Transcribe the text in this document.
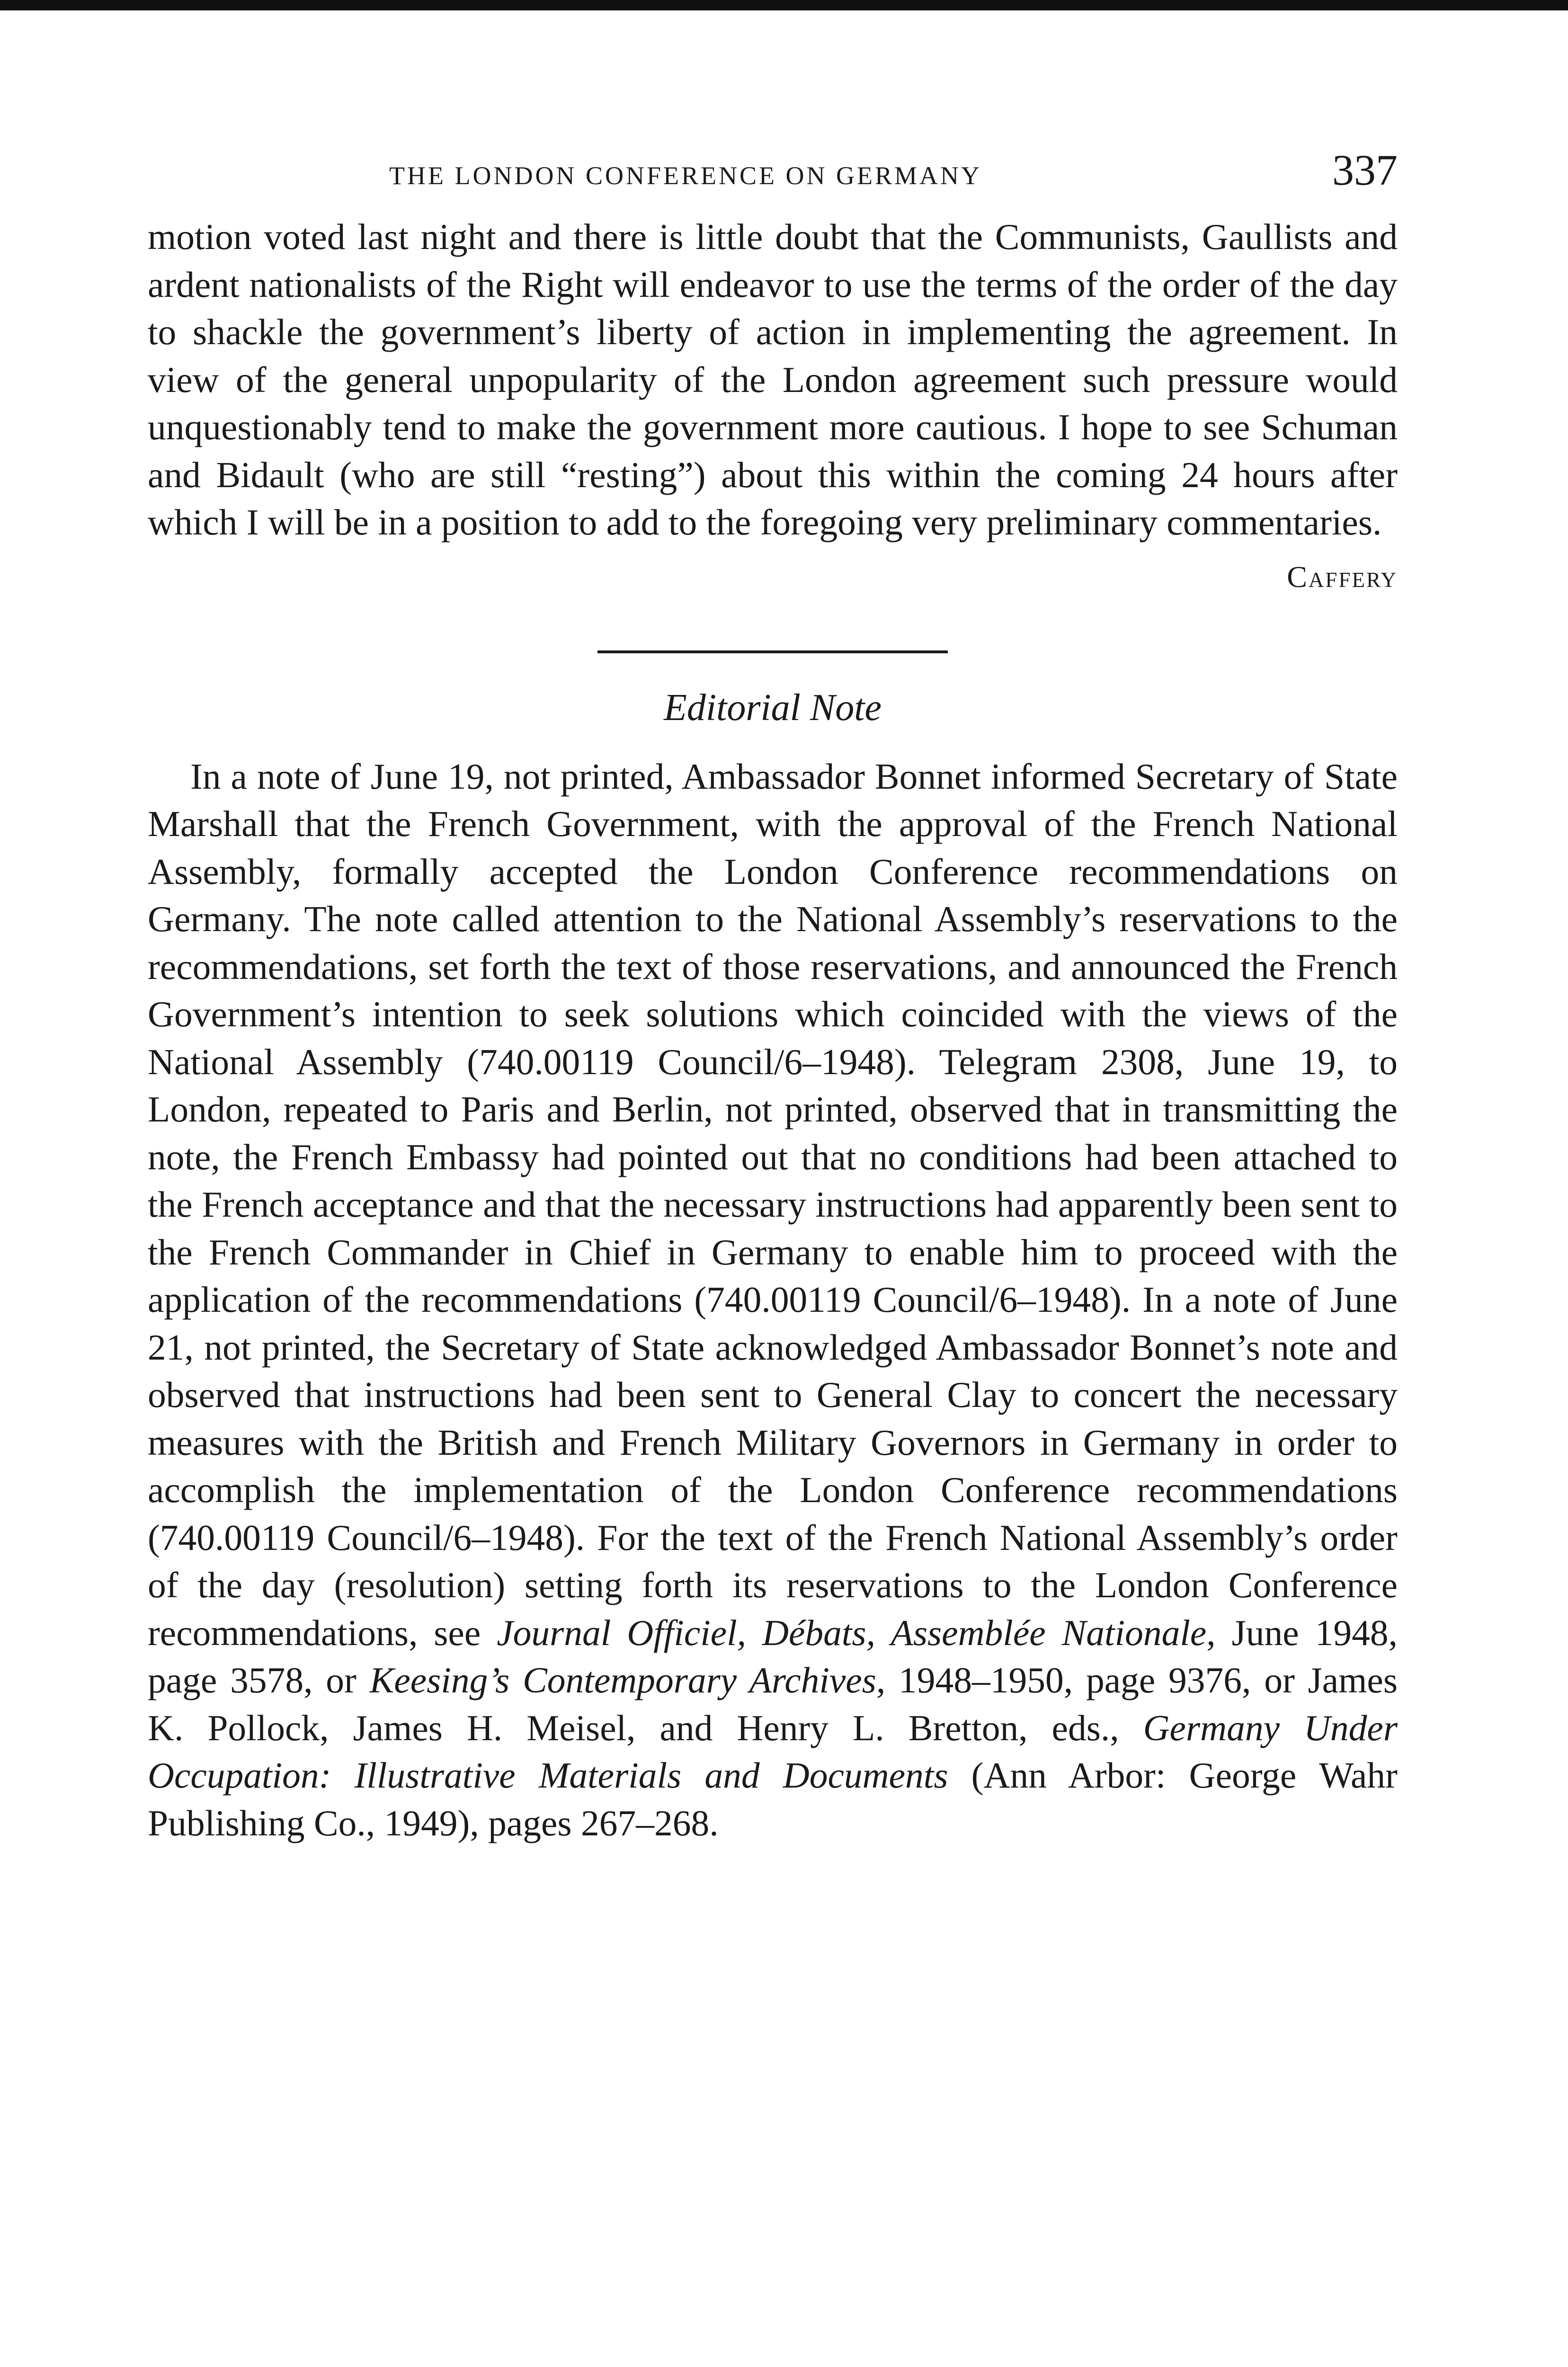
THE LONDON CONFERENCE ON GERMANY	337

motion voted last night and there is little doubt that the Communists, Gaullists and ardent nationalists of the Right will endeavor to use the terms of the order of the day to shackle the government’s liberty of action in implementing the agreement. In view of the general unpopularity of the London agreement such pressure would unquestionably tend to make the government more cautious. I hope to see Schuman and Bidault (who are still “resting”) about this within the coming 24 hours after which I will be in a position to add to the foregoing very preliminary commentaries.

Caffery
Editorial Note

In a note of June 19, not printed, Ambassador Bonnet informed Secretary of State Marshall that the French Government, with the approval of the French National Assembly, formally accepted the London Conference recommendations on Germany. The note called attention to the National Assembly’s reservations to the recommendations, set forth the text of those reservations, and announced the French Government’s intention to seek solutions which coincided with the views of the National Assembly (740.00119 Council/6–1948). Telegram 2308, June 19, to London, repeated to Paris and Berlin, not printed, observed that in transmitting the note, the French Embassy had pointed out that no conditions had been attached to the French acceptance and that the necessary instructions had apparently been sent to the French Commander in Chief in Germany to enable him to proceed with the application of the recommendations (740.00119 Council/6–1948). In a note of June 21, not printed, the Secretary of State acknowledged Ambassador Bonnet’s note and observed that instructions had been sent to General Clay to concert the necessary measures with the British and French Military Governors in Germany in order to accomplish the implementation of the London Conference recommendations (740.00119 Council/6–1948). For the text of the French National Assembly’s order of the day (resolution) setting forth its reservations to the London Conference recommendations, see Journal Officiel, Débats, Assemblée Nationale, June 1948, page 3578, or Keesing’s Contemporary Archives, 1948–1950, page 9376, or James K. Pollock, James H. Meisel, and Henry L. Bretton, eds., Germany Under Occupation: Illustrative Materials and Documents (Ann Arbor: George Wahr Publishing Co., 1949), pages 267–268.
